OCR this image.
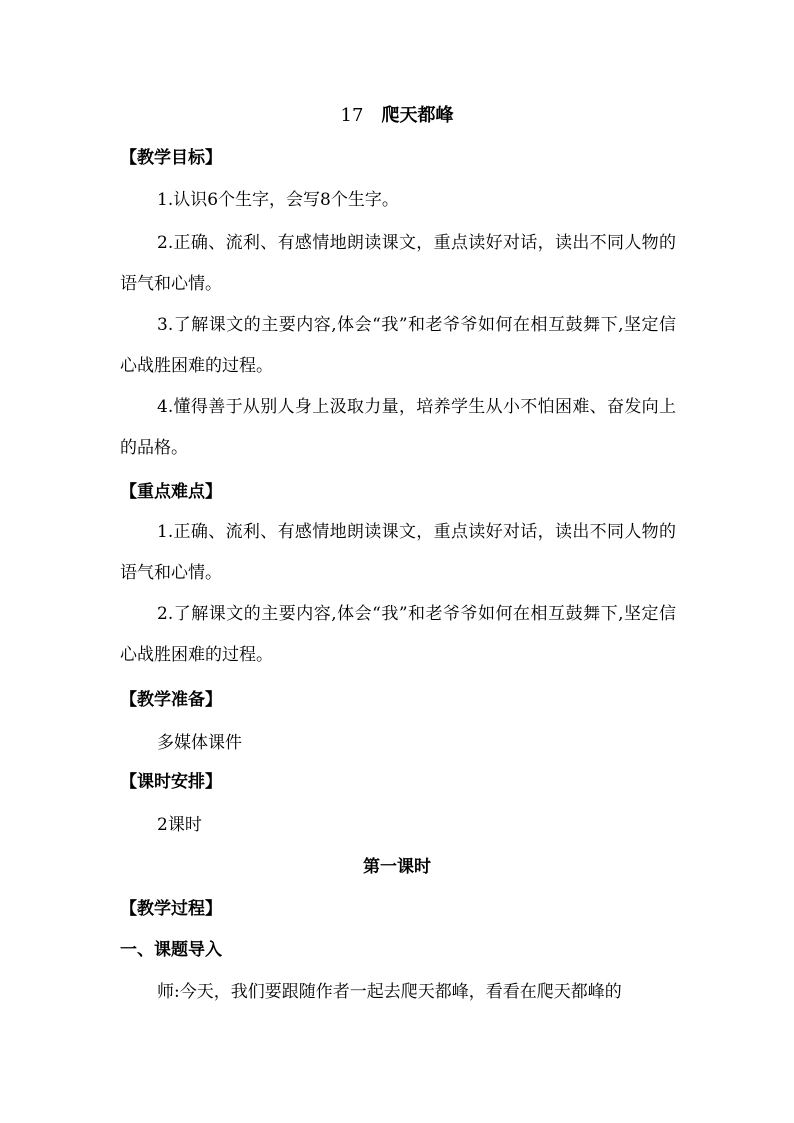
17 爬天都峰
【教学目标】
1.认识6个生字，会写8个生字。
2.正确、流利、有感情地朗读课文，重点读好对话，读出不同人物的语气和心情。
3.了解课文的主要内容,体会“我”和老爷爷如何在相互鼓舞下,坚定信心战胜困难的过程。
4.懂得善于从别人身上汲取力量，培养学生从小不怕困难、奋发向上的品格。
【重点难点】
1.正确、流利、有感情地朗读课文，重点读好对话，读出不同人物的语气和心情。
2.了解课文的主要内容,体会“我”和老爷爷如何在相互鼓舞下,坚定信心战胜困难的过程。
【教学准备】
多媒体课件
【课时安排】
2课时
第一课时
【教学过程】
一、课题导入
师:今天，我们要跟随作者一起去爬天都峰，看看在爬天都峰的
